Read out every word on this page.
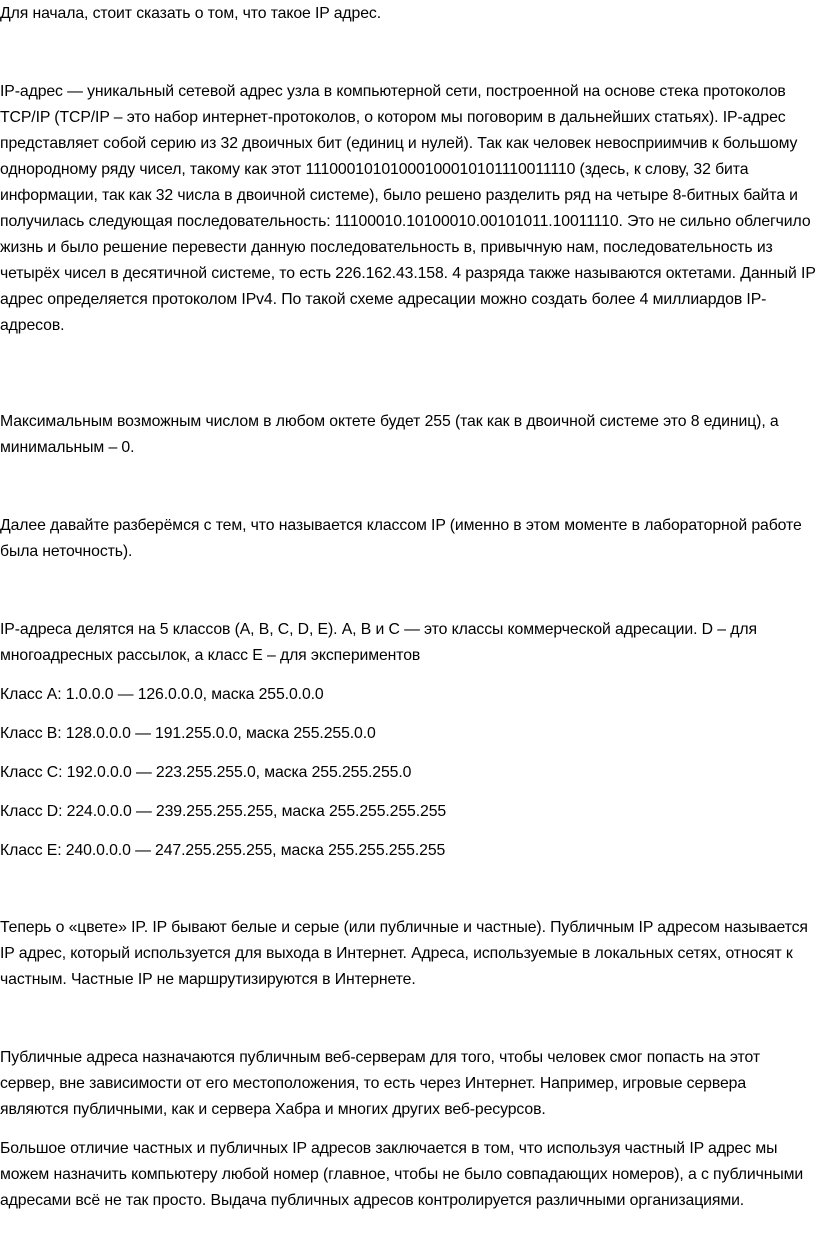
Для начала, стоит сказать о том, что такое IP адрес.

IP-адрес — уникальный сетевой адрес узла в компьютерной сети, построенной на основе стека протоколов TCP/IP (TCP/IP – это набор интернет-протоколов, о котором мы поговорим в дальнейших статьях). IP-адрес представляет собой серию из 32 двоичных бит (единиц и нулей). Так как человек невосприимчив к большому однородному ряду чисел, такому как этот 11100010101000100010101110011110 (здесь, к слову, 32 бита информации, так как 32 числа в двоичной системе), было решено разделить ряд на четыре 8-битных байта и получилась следующая последовательность: 11100010.10100010.00101011.10011110. Это не сильно облегчило жизнь и было решение перевести данную последовательность в, привычную нам, последовательность из четырёх чисел в десятичной системе, то есть 226.162.43.158. 4 разряда также называются октетами. Данный IP адрес определяется протоколом IPv4. По такой схеме адресации можно создать более 4 миллиардов IP-адресов.

Максимальным возможным числом в любом октете будет 255 (так как в двоичной системе это 8 единиц), а минимальным – 0.

Далее давайте разберёмся с тем, что называется классом IP (именно в этом моменте в лабораторной работе была неточность).

IP-адреса делятся на 5 классов (A, B, C, D, E). A, B и C — это классы коммерческой адресации. D – для многоадресных рассылок, а класс E – для экспериментов

Класс А: 1.0.0.0 — 126.0.0.0, маска 255.0.0.0

Класс В: 128.0.0.0 — 191.255.0.0, маска 255.255.0.0

Класс С: 192.0.0.0 — 223.255.255.0, маска 255.255.255.0

Класс D: 224.0.0.0 — 239.255.255.255, маска 255.255.255.255

Класс Е: 240.0.0.0 — 247.255.255.255, маска 255.255.255.255

Теперь о «цвете» IP. IP бывают белые и серые (или публичные и частные). Публичным IP адресом называется IP адрес, который используется для выхода в Интернет. Адреса, используемые в локальных сетях, относят к частным. Частные IP не маршрутизируются в Интернете.

Публичные адреса назначаются публичным веб-серверам для того, чтобы человек смог попасть на этот сервер, вне зависимости от его местоположения, то есть через Интернет. Например, игровые сервера являются публичными, как и сервера Хабра и многих других веб-ресурсов.

Большое отличие частных и публичных IP адресов заключается в том, что используя частный IP адрес мы можем назначить компьютеру любой номер (главное, чтобы не было совпадающих номеров), а с публичными адресами всё не так просто. Выдача публичных адресов контролируется различными организациями.
